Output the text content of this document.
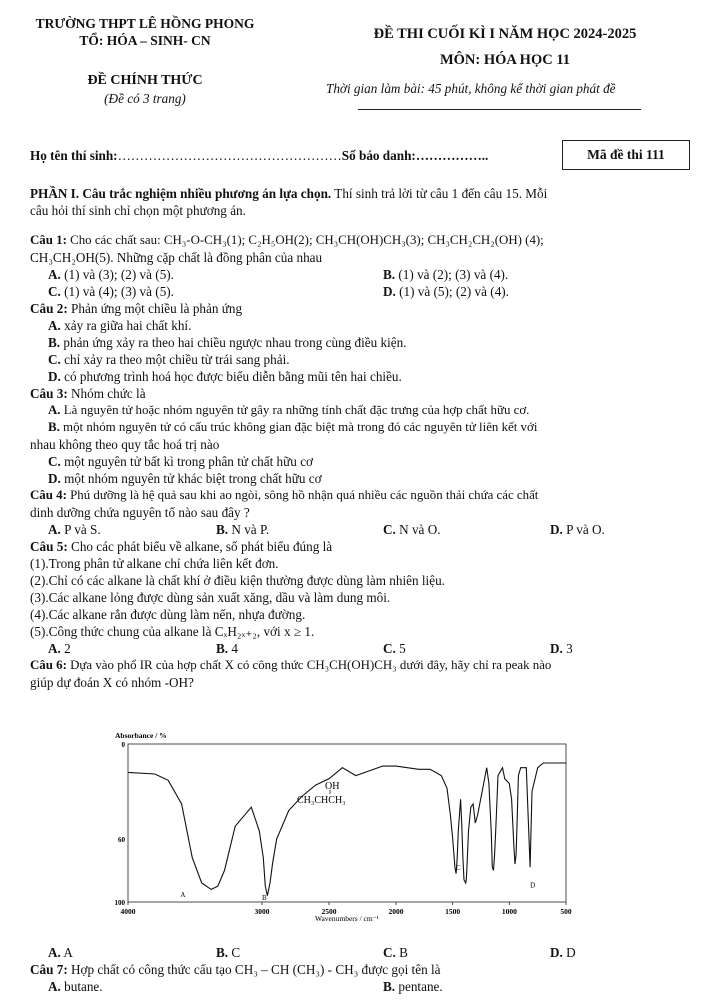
TRƯỜNG THPT LÊ HỒNG PHONG
TỔ: HÓA – SINH- CN
ĐỀ CHÍNH THỨC
(Đề có 3 trang)
ĐỀ THI CUỐI KÌ I NĂM HỌC 2024-2025
MÔN: HÓA HỌC 11
Thời gian làm bài: 45 phút, không kể thời gian phát đề
Họ tên thí sinh:……………………………………………Số báo danh:……………..	Mã đề thi 111
PHẦN I. Câu trắc nghiệm nhiều phương án lựa chọn. Thí sinh trả lời từ câu 1 đến câu 15. Mỗi
câu hỏi thí sinh chỉ chọn một phương án.
Câu 1: Cho các chất sau: CH₃-O-CH₃(1); C₂H₅OH(2); CH₃CH(OH)CH₃(3); CH₃CH₂CH₂(OH) (4);
CH₃CH₂OH(5). Những cặp chất là đồng phân của nhau
A. (1) và (3); (2) và (5).	B. (1) và (2); (3) và (4).
C. (1) và (4); (3) và (5).	D. (1) và (5); (2) và (4).
Câu 2: Phản ứng một chiều là phản ứng
A. xảy ra giữa hai chất khí.
B. phản ứng xảy ra theo hai chiều ngược nhau trong cùng điều kiện.
C. chỉ xảy ra theo một chiều từ trái sang phải.
D. có phương trình hoá học được biểu diễn bằng mũi tên hai chiều.
Câu 3: Nhóm chức là
A. Là nguyên tử hoặc nhóm nguyên tử gây ra những tính chất đặc trưng của hợp chất hữu cơ.
B. một nhóm nguyên tử có cấu trúc không gian đặc biệt mà trong đó các nguyên tử liên kết với
nhau không theo quy tắc hoá trị nào
C. một nguyên tử bất kì trong phân tử chất hữu cơ
D. một nhóm nguyên tử khác biệt trong chất hữu cơ
Câu 4: Phú dưỡng là hệ quả sau khi ao ngòi, sông hồ nhận quá nhiều các nguồn thải chứa các chất
dinh dưỡng chứa nguyên tố nào sau đây ?
A. P và S.	B. N và P.	C. N và O.	D. P và O.
Câu 5: Cho các phát biểu về alkane, số phát biểu đúng là
(1).Trong phân tử alkane chỉ chứa liên kết đơn.
(2).Chỉ có các alkane là chất khí ở điều kiện thường được dùng làm nhiên liệu.
(3).Các alkane lỏng được dùng sản xuất xăng, dầu và làm dung môi.
(4).Các alkane rắn được dùng làm nến, nhựa đường.
(5).Công thức chung của alkane là CₓH₂ₓ₊₂, với x ≥ 1.
A. 2	B. 4	C. 5	D. 3
Câu 6: Dựa vào phổ IR của hợp chất X có công thức CH₃CH(OH)CH₃ dưới đây, hãy chỉ ra peak nào
giúp dự đoán X có nhóm -OH?
Absorbance / %
0
60
100
4000	3000	2500	2000	1500	1000	500
A	B
C
D
OH
CH₃CHCH₃
Wavenumbers / cm⁻¹
A. A	B. C	C. B	D. D
Câu 7: Hợp chất có công thức cấu tạo CH₃ – CH (CH₃) - CH₃ được gọi tên là
A. butane.	B. pentane.
